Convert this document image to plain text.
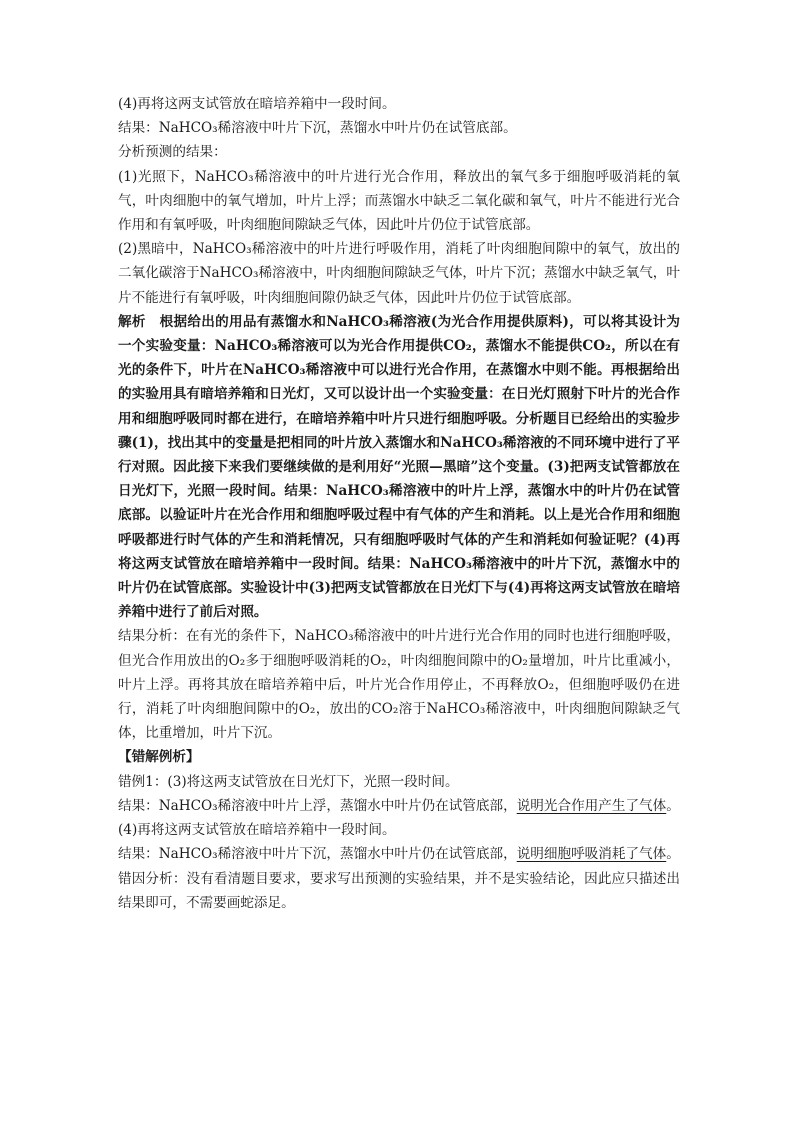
(4)再将这两支试管放在暗培养箱中一段时间。

结果：NaHCO₃稀溶液中叶片下沉，蒸馏水中叶片仍在试管底部。

分析预测的结果：

(1)光照下，NaHCO₃稀溶液中的叶片进行光合作用，释放出的氧气多于细胞呼吸消耗的氧气，叶肉细胞中的氧气增加，叶片上浮；而蒸馏水中缺乏二氧化碳和氧气，叶片不能进行光合作用和有氧呼吸，叶肉细胞间隙缺乏气体，因此叶片仍位于试管底部。

(2)黑暗中，NaHCO₃稀溶液中的叶片进行呼吸作用，消耗了叶肉细胞间隙中的氧气，放出的二氧化碳溶于NaHCO₃稀溶液中，叶肉细胞间隙缺乏气体，叶片下沉；蒸馏水中缺乏氧气，叶片不能进行有氧呼吸，叶肉细胞间隙仍缺乏气体，因此叶片仍位于试管底部。

解析 根据给出的用品有蒸馏水和NaHCO₃稀溶液(为光合作用提供原料)，可以将其设计为一个实验变量：NaHCO₃稀溶液可以为光合作用提供CO₂，蒸馏水不能提供CO₂，所以在有光的条件下，叶片在NaHCO₃稀溶液中可以进行光合作用，在蒸馏水中则不能。再根据给出的实验用具有暗培养箱和日光灯，又可以设计出一个实验变量：在日光灯照射下叶片的光合作用和细胞呼吸同时都在进行，在暗培养箱中叶片只进行细胞呼吸。分析题目已经给出的实验步骤(1)，找出其中的变量是把相同的叶片放入蒸馏水和NaHCO₃稀溶液的不同环境中进行了平行对照。因此接下来我们要继续做的是利用好“光照—黑暗”这个变量。(3)把两支试管都放在日光灯下，光照一段时间。结果：NaHCO₃稀溶液中的叶片上浮，蒸馏水中的叶片仍在试管底部。以验证叶片在光合作用和细胞呼吸过程中有气体的产生和消耗。以上是光合作用和细胞呼吸都进行时气体的产生和消耗情况，只有细胞呼吸时气体的产生和消耗如何验证呢？(4)再将这两支试管放在暗培养箱中一段时间。结果：NaHCO₃稀溶液中的叶片下沉，蒸馏水中的叶片仍在试管底部。实验设计中(3)把两支试管都放在日光灯下与(4)再将这两支试管放在暗培养箱中进行了前后对照。

结果分析：在有光的条件下，NaHCO₃稀溶液中的叶片进行光合作用的同时也进行细胞呼吸，但光合作用放出的O₂多于细胞呼吸消耗的O₂，叶肉细胞间隙中的O₂量增加，叶片比重减小，叶片上浮。再将其放在暗培养箱中后，叶片光合作用停止，不再释放O₂，但细胞呼吸仍在进行，消耗了叶肉细胞间隙中的O₂，放出的CO₂溶于NaHCO₃稀溶液中，叶肉细胞间隙缺乏气体，比重增加，叶片下沉。

【错解例析】

错例1：(3)将这两支试管放在日光灯下，光照一段时间。

结果：NaHCO₃稀溶液中叶片上浮，蒸馏水中叶片仍在试管底部，说明光合作用产生了气体。

(4)再将这两支试管放在暗培养箱中一段时间。

结果：NaHCO₃稀溶液中叶片下沉，蒸馏水中叶片仍在试管底部，说明细胞呼吸消耗了气体。

错因分析：没有看清题目要求，要求写出预测的实验结果，并不是实验结论，因此应只描述出结果即可，不需要画蛇添足。
